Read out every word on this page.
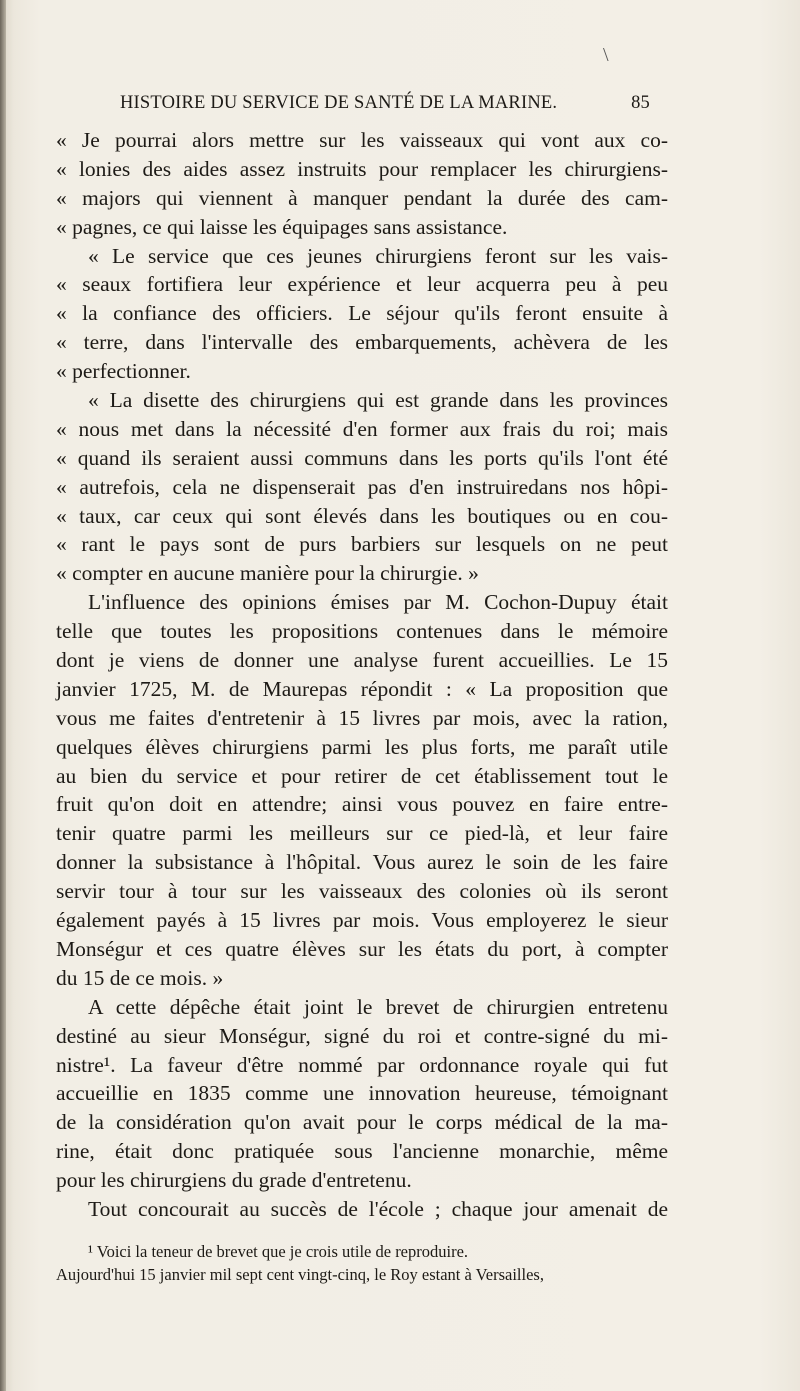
\
HISTOIRE DU SERVICE DE SANTÉ DE LA MARINE.	85
« Je pourrai alors mettre sur les vaisseaux qui vont aux co-
« lonies des aides assez instruits pour remplacer les chirurgiens-
« majors qui viennent à manquer pendant la durée des cam-
« pagnes, ce qui laisse les équipages sans assistance.
« Le service que ces jeunes chirurgiens feront sur les vais-
« seaux fortifiera leur expérience et leur acquerra peu à peu
« la confiance des officiers. Le séjour qu'ils feront ensuite à
« terre, dans l'intervalle des embarquements, achèvera de les
« perfectionner.
« La disette des chirurgiens qui est grande dans les provinces
« nous met dans la nécessité d'en former aux frais du roi; mais
« quand ils seraient aussi communs dans les ports qu'ils l'ont été
« autrefois, cela ne dispenserait pas d'en instruiredans nos hôpi-
« taux, car ceux qui sont élevés dans les boutiques ou en cou-
« rant le pays sont de purs barbiers sur lesquels on ne peut
« compter en aucune manière pour la chirurgie. »
L'influence des opinions émises par M. Cochon-Dupuy était
telle que toutes les propositions contenues dans le mémoire
dont je viens de donner une analyse furent accueillies. Le 15
janvier 1725, M. de Maurepas répondit : « La proposition que
vous me faites d'entretenir à 15 livres par mois, avec la ration,
quelques élèves chirurgiens parmi les plus forts, me paraît utile
au bien du service et pour retirer de cet établissement tout le
fruit qu'on doit en attendre; ainsi vous pouvez en faire entre-
tenir quatre parmi les meilleurs sur ce pied-là, et leur faire
donner la subsistance à l'hôpital. Vous aurez le soin de les faire
servir tour à tour sur les vaisseaux des colonies où ils seront
également payés à 15 livres par mois. Vous employerez le sieur
Monségur et ces quatre élèves sur les états du port, à compter
du 15 de ce mois. »
A cette dépêche était joint le brevet de chirurgien entretenu
destiné au sieur Monségur, signé du roi et contre-signé du mi-
nistre¹. La faveur d'être nommé par ordonnance royale qui fut
accueillie en 1835 comme une innovation heureuse, témoignant
de la considération qu'on avait pour le corps médical de la ma-
rine, était donc pratiquée sous l'ancienne monarchie, même
pour les chirurgiens du grade d'entretenu.
Tout concourait au succès de l'école ; chaque jour amenait de
¹ Voici la teneur de brevet que je crois utile de reproduire.
Aujourd'hui 15 janvier mil sept cent vingt-cinq, le Roy estant à Versailles,
